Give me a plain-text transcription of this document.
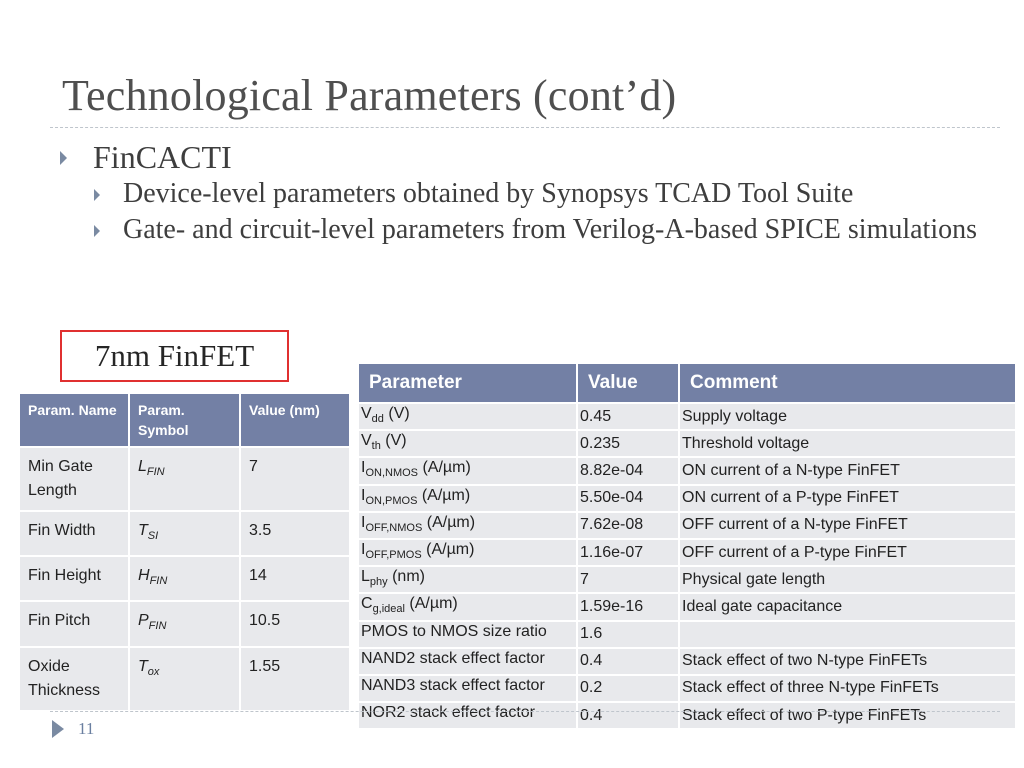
Technological Parameters (cont’d)
FinCACTI
Device-level parameters obtained by Synopsys TCAD Tool Suite
Gate- and circuit-level parameters from Verilog-A-based SPICE simulations
7nm FinFET
Param. Name	Param. Symbol	Value (nm)
Min Gate Length	$L_{FIN}$	7
Fin Width	$T_{SI}$	3.5
Fin Height	$H_{FIN}$	14
Fin Pitch	$P_{FIN}$	10.5
Oxide Thickness	$T_{ox}$	1.55
Parameter	Value	Comment
$V_{dd}$ (V)	0.45	Supply voltage
$V_{th}$ (V)	0.235	Threshold voltage
$I_{ON,NMOS}$ (A/µm)	8.82e-04	ON current of a N-type FinFET
$I_{ON,PMOS}$ (A/µm)	5.50e-04	ON current of a P-type FinFET
$I_{OFF,NMOS}$ (A/µm)	7.62e-08	OFF current of a N-type FinFET
$I_{OFF,PMOS}$ (A/µm)	1.16e-07	OFF current of a P-type FinFET
$L_{phy}$ (nm)	7	Physical gate length
$C_{g,ideal}$ (A/µm)	1.59e-16	Ideal gate capacitance
PMOS to NMOS size ratio	1.6	
NAND2 stack effect factor	0.4	Stack effect of two N-type FinFETs
NAND3 stack effect factor	0.2	Stack effect of three N-type FinFETs
NOR2 stack effect factor	0.4	Stack effect of two P-type FinFETs
11
